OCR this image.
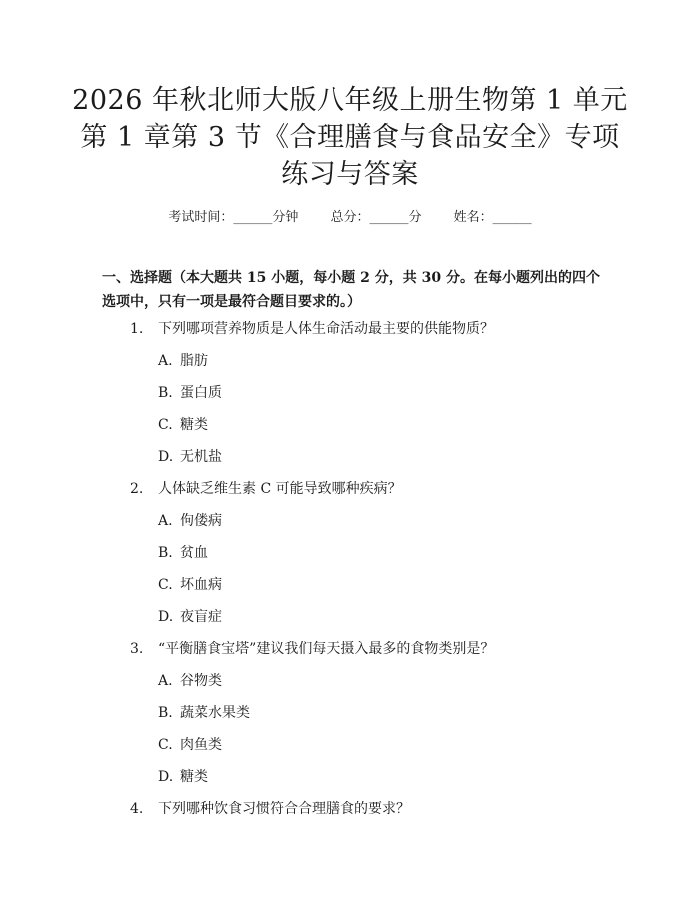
2026 年秋北师大版八年级上册生物第 1 单元
第 1 章第 3 节《合理膳食与食品安全》专项
练习与答案
考试时间：______分钟 总分：______分 姓名：______
一、选择题（本大题共 15 小题，每小题 2 分，共 30 分。在每小题列出的四个选项中，只有一项是最符合题目要求的。）
1. 下列哪项营养物质是人体生命活动最主要的供能物质？
A. 脂肪
B. 蛋白质
C. 糖类
D. 无机盐
2. 人体缺乏维生素 C 可能导致哪种疾病？
A. 佝偻病
B. 贫血
C. 坏血病
D. 夜盲症
3. “平衡膳食宝塔”建议我们每天摄入最多的食物类别是？
A. 谷物类
B. 蔬菜水果类
C. 肉鱼类
D. 糖类
4. 下列哪种饮食习惯符合合理膳食的要求？
